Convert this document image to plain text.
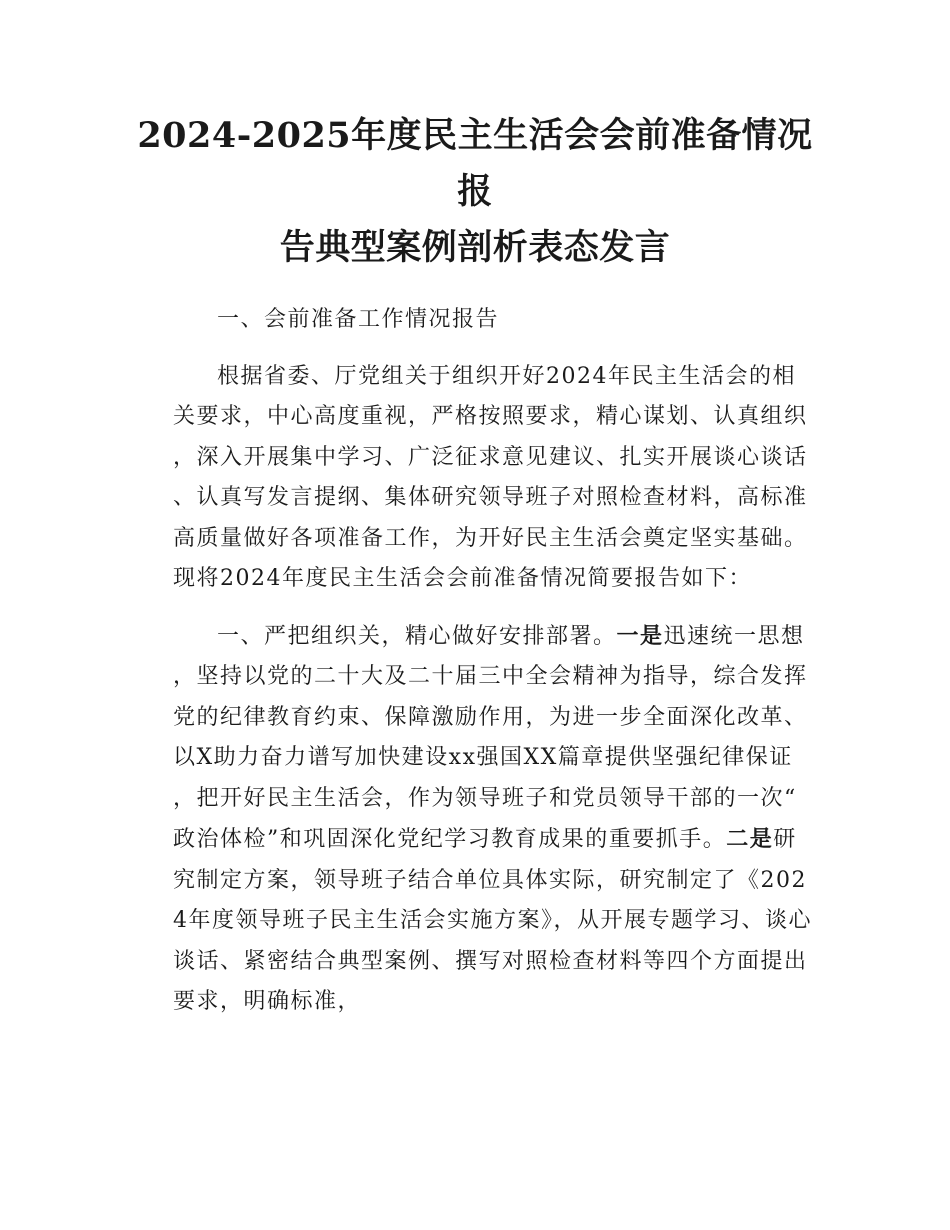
2024-2025年度民主生活会会前准备情况报
告典型案例剖析表态发言

一、会前准备工作情况报告

根据省委、厅党组关于组织开好2024年民主生活会的相关要求，中心高度重视，严格按照要求，精心谋划、认真组织，深入开展集中学习、广泛征求意见建议、扎实开展谈心谈话、认真写发言提纲、集体研究领导班子对照检查材料，高标准高质量做好各项准备工作，为开好民主生活会奠定坚实基础。现将2024年度民主生活会会前准备情况简要报告如下：

一、严把组织关，精心做好安排部署。一是迅速统一思想，坚持以党的二十大及二十届三中全会精神为指导，综合发挥党的纪律教育约束、保障激励作用，为进一步全面深化改革、以X助力奋力谱写加快建设xx强国XX篇章提供坚强纪律保证，把开好民主生活会，作为领导班子和党员领导干部的一次“政治体检”和巩固深化党纪学习教育成果的重要抓手。二是研究制定方案，领导班子结合单位具体实际，研究制定了《2024年度领导班子民主生活会实施方案》，从开展专题学习、谈心谈话、紧密结合典型案例、撰写对照检查材料等四个方面提出要求，明确标准，
